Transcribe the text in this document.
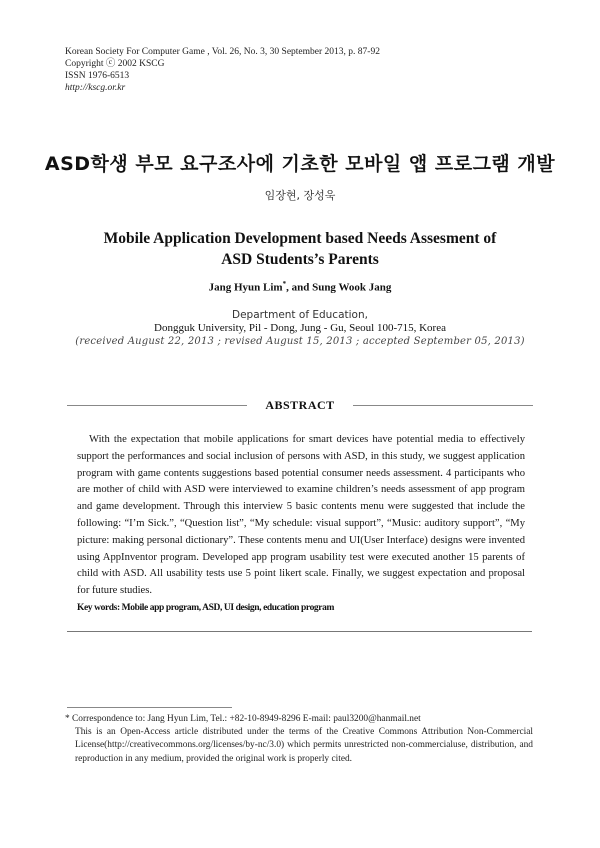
Korean Society For Computer Game , Vol. 26, No. 3, 30 September 2013, p. 87-92
Copyright ⓒ 2002 KSCG
ISSN 1976-6513
http://kscg.or.kr
ASD학생 부모 요구조사에 기초한 모바일 앱 프로그램 개발
임장현, 장성욱
Mobile Application Development based Needs Assesment of
ASD Students’s Parents
Jang Hyun Lim*, and Sung Wook Jang
Department of Education,
Dongguk University, Pil - Dong, Jung - Gu, Seoul 100-715, Korea
(received August 22, 2013 ; revised August 15, 2013 ; accepted September 05, 2013)
ABSTRACT
With the expectation that mobile applications for smart devices have potential media to effectively support the performances and social inclusion of persons with ASD, in this study, we suggest application program with game contents suggestions based potential consumer needs assessment. 4 participants who are mother of child with ASD were interviewed to examine children’s needs assessment of app program and game development. Through this interview 5 basic contents menu were suggested that include the following: “I’m Sick.”, “Question list”, “My schedule: visual support”, “Music: auditory support”, “My picture: making personal dictionary”. These contents menu and UI(User Interface) designs were invented using AppInventor program. Developed app program usability test were executed another 15 parents of child with ASD. All usability tests use 5 point likert scale. Finally, we suggest expectation and proposal for future studies.
Key words: Mobile app program, ASD, UI design, education program
* Correspondence to: Jang Hyun Lim, Tel.: +82-10-8949-8296 E-mail: paul3200@hanmail.net
This is an Open-Access article distributed under the terms of the Creative Commons Attribution Non-Commercial License(http://creativecommons.org/licenses/by-nc/3.0) which permits unrestricted non-commercialuse, distribution, and reproduction in any medium, provided the original work is properly cited.
